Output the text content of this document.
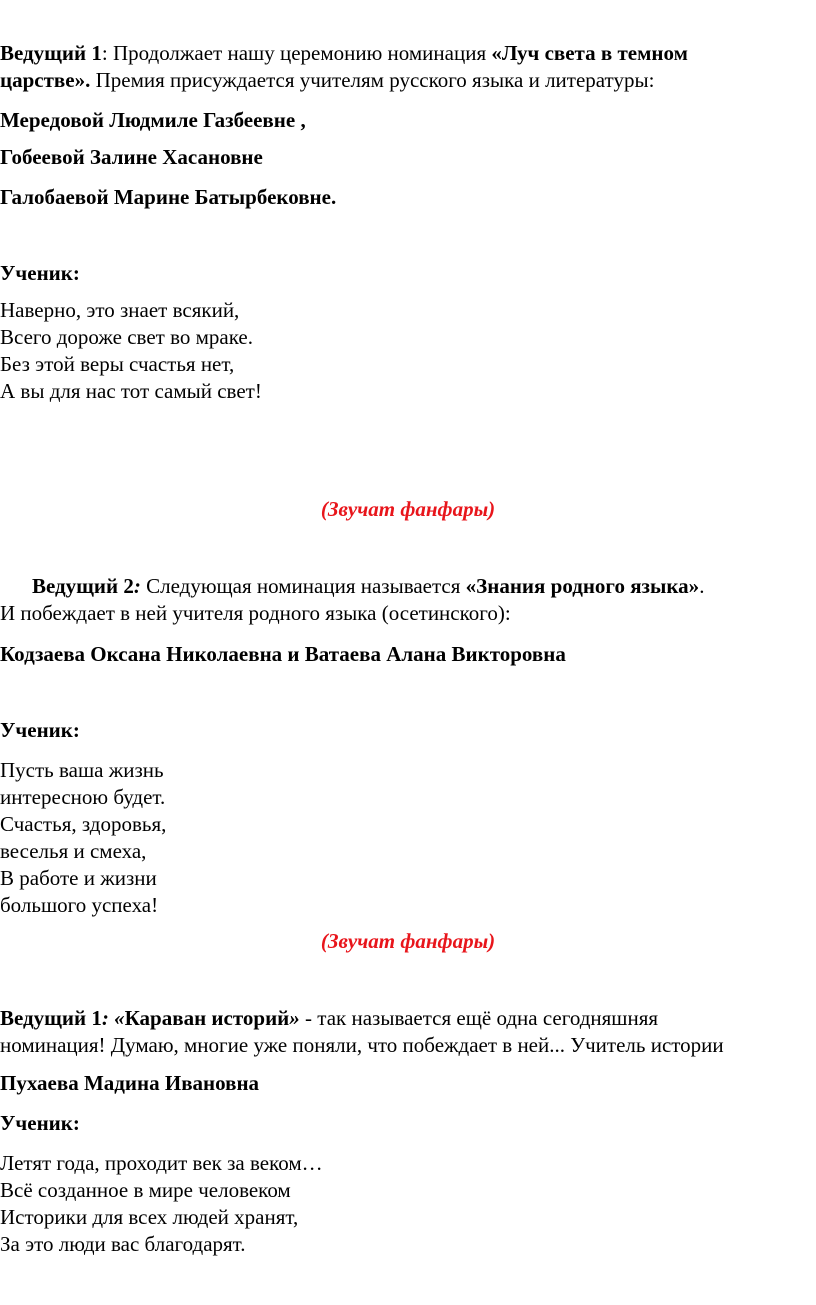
Ведущий 1: Продолжает нашу церемонию номинация «Луч света в темном
царстве». Премия присуждается учителям русского языка и литературы:
Мередовой Людмиле Газбеевне ,
Гобеевой Залине Хасановне
Галобаевой Марине Батырбековне.
Ученик:
Наверно, это знает всякий,
Всего дороже свет во мраке.
Без этой веры счастья нет,
А вы для нас тот самый свет!
(Звучат фанфары)
Ведущий 2: Следующая номинация называется «Знания родного языка».
И побеждает в ней учителя родного языка (осетинского):
Кодзаева Оксана Николаевна и Ватаева Алана Викторовна
Ученик:
Пусть ваша жизнь
интересною будет.
Счастья, здоровья,
веселья и смеха,
В работе и жизни
большого успеха!
(Звучат фанфары)
Ведущий 1: «Караван историй» - так называется ещё одна сегодняшняя
номинация! Думаю, многие уже поняли, что побеждает в ней... Учитель истории
Пухаева Мадина Ивановна
Ученик:
Летят года, проходит век за веком…
Всё созданное в мире человеком
Историки для всех людей хранят,
За это люди вас благодарят.
